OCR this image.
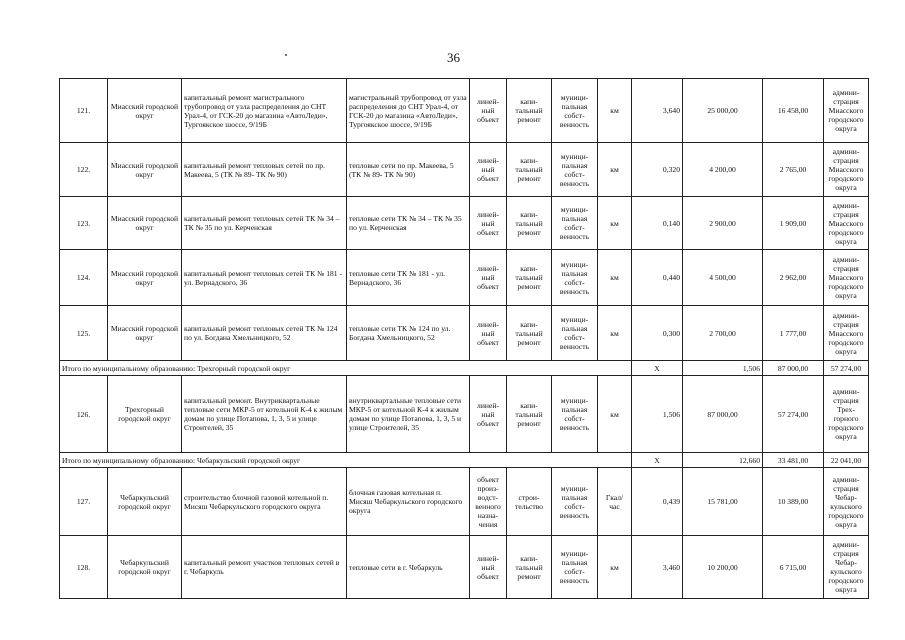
36
121.	Миасский городской округ	капитальный ремонт магистрального трубопровод от узла распределения до СНТ Урал-4, от ГСК-20 до магазина «АвтоЛеди», Тургоякское шоссе, 9/19Б	магистральный трубопровод от узла распределения до СНТ Урал-4, от ГСК-20 до магазина «АвтоЛеди», Тургоякское шоссе, 9/19Б	линей-ный объект	капи-тальный ремонт	муници-пальная собст-венность	км	3,640	25 000,00	16 458,00	админи-страция Миасского городского округа	
122.	Миасский городской округ	капитальный ремонт тепловых сетей по пр. Макеева, 5 (ТК № 89- ТК № 90)	тепловые сети по пр. Макеева, 5 (ТК № 89- ТК № 90)	линей-ный объект	капи-тальный ремонт	муници-пальная собст-венность	км	0,320	4 200,00	2 765,00	админи-страция Миасского городского округа	
123.	Миасский городской округ	капитальный ремонт тепловых сетей ТК № 34 – ТК № 35 по ул. Керченская	тепловые сети ТК № 34 – ТК № 35 по ул. Керченская	линей-ный объект	капи-тальный ремонт	муници-пальная собст-венность	км	0,140	2 900,00	1 909,00	админи-страция Миасского городского округа	
124.	Миасский городской округ	капитальный ремонт тепловых сетей ТК № 181 - ул. Вернадского, 36	тепловые сети ТК № 181 - ул. Вернадского, 36	линей-ный объект	капи-тальный ремонт	муници-пальная собст-венность	км	0,440	4 500,00	2 962,00	админи-страция Миасского городского округа	
125.	Миасский городской округ	капитальный ремонт тепловых сетей ТК № 124 по ул. Богдана Хмельницкого, 52	тепловые сети ТК № 124 по ул. Богдана Хмельницкого, 52	линей-ный объект	капи-тальный ремонт	муници-пальная собст-венность	км	0,300	2 700,00	1 777,00	админи-страция Миасского городского округа	
Итого по муниципальному образованию: Трехгорный городской округ								X	1,506	87 000,00	57 274,00	
126.	Трехгорный городской округ	капитальный ремонт. Внутриквартальные тепловые сети МКР-5 от котельной К-4 к жилым домам по улице Потапова, 1, 3, 5 и улице Строителей, 35	внутриквартальные тепловые сети МКР-5 от котельной К-4 к жилым домам по улице Потапова, 1, 3, 5 и улице Строителей, 35	линей-ный объект	капи-тальный ремонт	муници-пальная собст-венность	км	1,506	87 000,00	57 274,00	админи-страция Трех-горного городского округа	
Итого по муниципальному образованию: Чебаркульский городской округ								X	12,660	33 481,00	22 041,00	
127.	Чебаркульский городской округ	строительство блочной газовой котельной п. Мисяш Чебаркульского городского округа	блочная газовая котельная п. Мисяш Чебаркульского городского округа	объект произ-водст-венного назна-чения	строи-тельство	муници-пальная собст-венность	Гкал/ час	0,439	15 781,00	10 389,00	админи-страция Чебар-кульского городского округа	
128.	Чебаркульский городской округ	капитальный ремонт участков тепловых сетей в г. Чебаркуль	тепловые сети в г. Чебаркуль	линей-ный объект	капи-тальный ремонт	муници-пальная собст-венность	км	3,460	10 200,00	6 715,00	админи-страция Чебар-кульского городского округа	
